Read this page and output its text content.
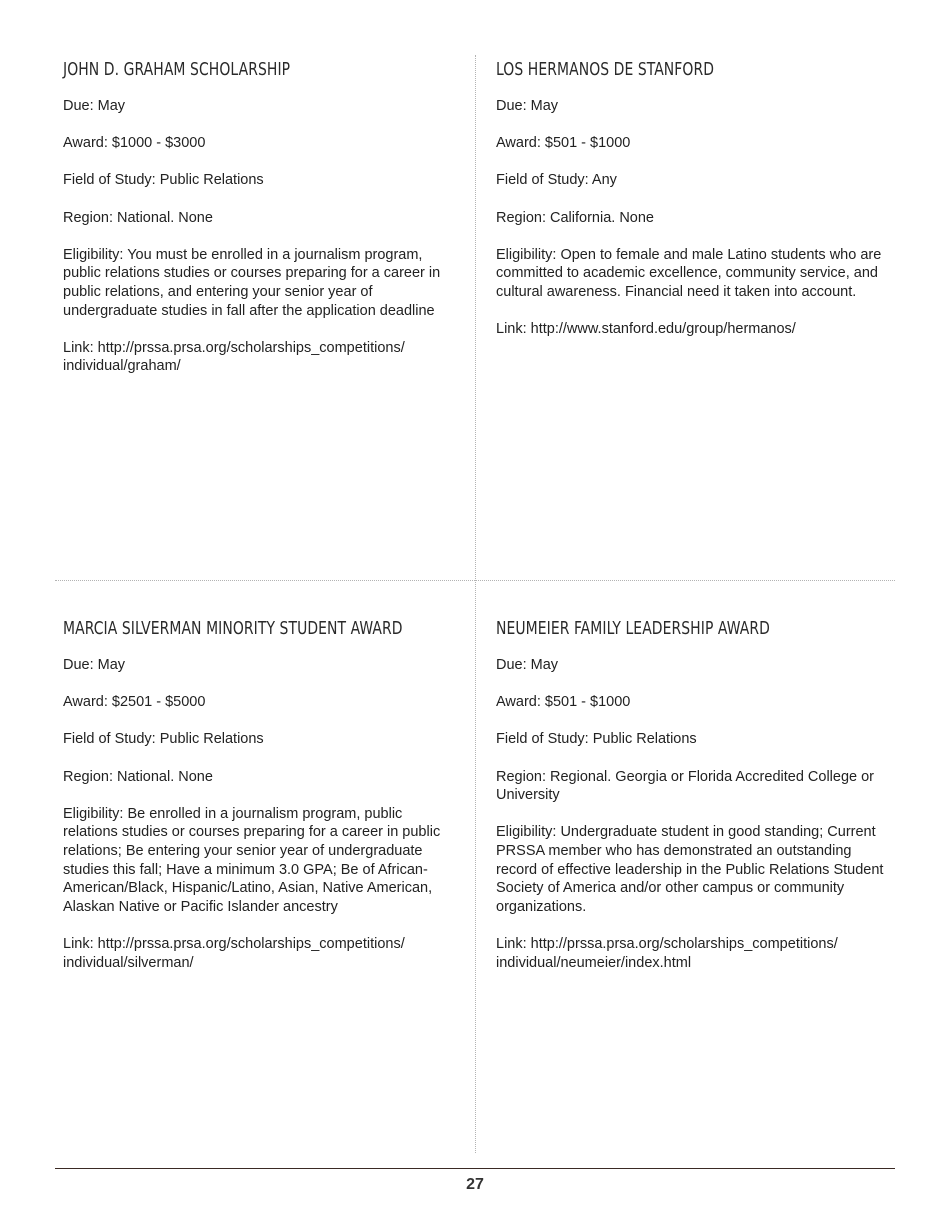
JOHN D. GRAHAM SCHOLARSHIP
Due: May
Award: $1000 - $3000
Field of Study: Public Relations
Region: National. None
Eligibility: You must be enrolled in a journalism program, public relations studies or courses preparing for a career in public relations, and entering your senior year of undergraduate studies in fall after the application deadline
Link: http://prssa.prsa.org/scholarships_competitions/ individual/graham/
LOS HERMANOS DE STANFORD
Due: May
Award: $501 - $1000
Field of Study: Any
Region: California. None
Eligibility: Open to female and male Latino students who are committed to academic excellence, community service, and cultural awareness. Financial need it taken into account.
Link: http://www.stanford.edu/group/hermanos/
MARCIA SILVERMAN MINORITY STUDENT AWARD
Due: May
Award: $2501 - $5000
Field of Study: Public Relations
Region: National. None
Eligibility: Be enrolled in a journalism program, public relations studies or courses preparing for a career in public relations; Be entering your senior year of undergraduate studies this fall; Have a minimum 3.0 GPA; Be of African-American/Black, Hispanic/Latino, Asian, Native American, Alaskan Native or Pacific Islander ancestry
Link: http://prssa.prsa.org/scholarships_competitions/ individual/silverman/
NEUMEIER FAMILY LEADERSHIP AWARD
Due: May
Award: $501 - $1000
Field of Study: Public Relations
Region: Regional. Georgia or Florida Accredited College or University
Eligibility: Undergraduate student in good standing; Current PRSSA member who has demonstrated an outstanding record of effective leadership in the Public Relations Student Society of America and/or other campus or community organizations.
Link: http://prssa.prsa.org/scholarships_competitions/ individual/neumeier/index.html
27
